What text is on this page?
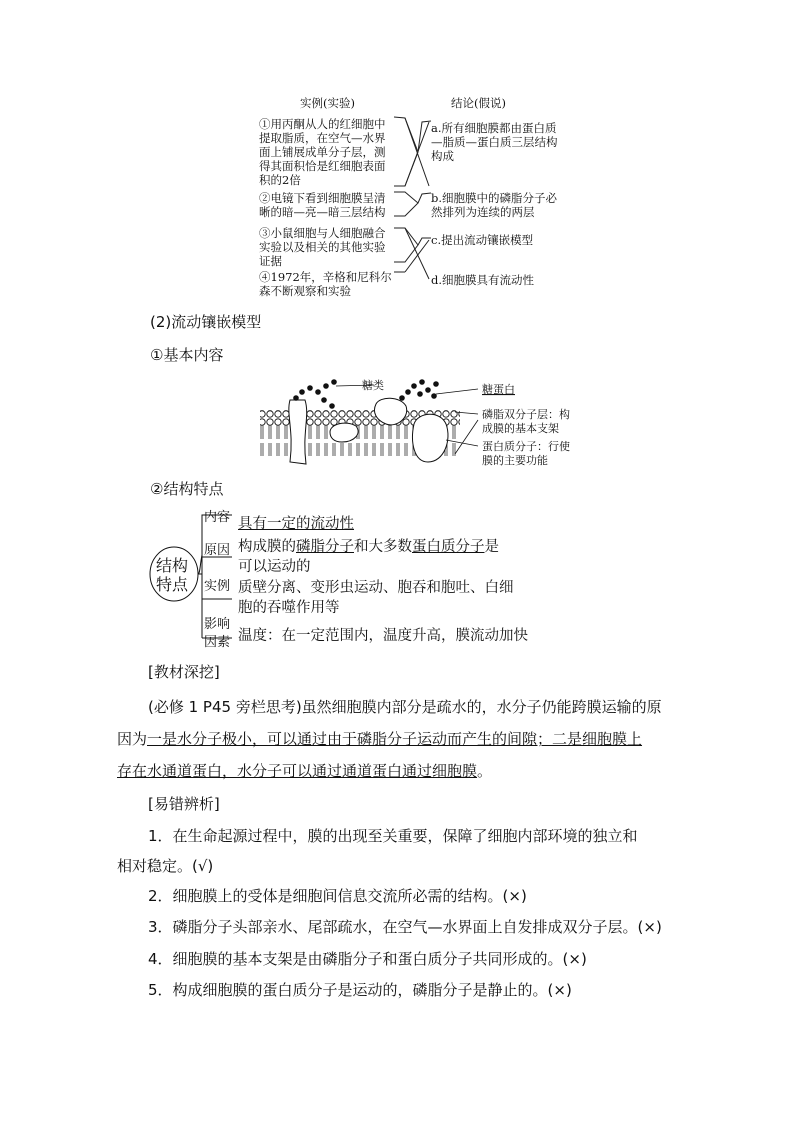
实例(实验)	结论(假说)
①用丙酮从人的红细胞中
提取脂质，在空气—水界
面上铺展成单分子层，测
得其面积恰是红细胞表面
积的2倍
②电镜下看到细胞膜呈清
晰的暗—亮—暗三层结构
③小鼠细胞与人细胞融合
实验以及相关的其他实验
证据
④1972年，辛格和尼科尔
森不断观察和实验
a.所有细胞膜都由蛋白质
—脂质—蛋白质三层结构
构成
b.细胞膜中的磷脂分子必
然排列为连续的两层
c.提出流动镶嵌模型
d.细胞膜具有流动性
(2)流动镶嵌模型
①基本内容
糖类	糖蛋白
磷脂双分子层：构
成膜的基本支架
蛋白质分子：行使
膜的主要功能
②结构特点
结构
特点
内容
原因
实例
影响
因素
具有一定的流动性
构成膜的磷脂分子和大多数蛋白质分子是
可以运动的
质壁分离、变形虫运动、胞吞和胞吐、白细
胞的吞噬作用等
温度：在一定范围内，温度升高，膜流动加快
[教材深挖]
(必修 1 P45 旁栏思考)虽然细胞膜内部分是疏水的，水分子仍能跨膜运输的原
因为一是水分子极小，可以通过由于磷脂分子运动而产生的间隙；二是细胞膜上
存在水通道蛋白，水分子可以通过通道蛋白通过细胞膜。
[易错辨析]
1．在生命起源过程中，膜的出现至关重要，保障了细胞内部环境的独立和
相对稳定。(√)
2．细胞膜上的受体是细胞间信息交流所必需的结构。(×)
3．磷脂分子头部亲水、尾部疏水，在空气—水界面上自发排成双分子层。(×)
4．细胞膜的基本支架是由磷脂分子和蛋白质分子共同形成的。(×)
5．构成细胞膜的蛋白质分子是运动的，磷脂分子是静止的。(×)
